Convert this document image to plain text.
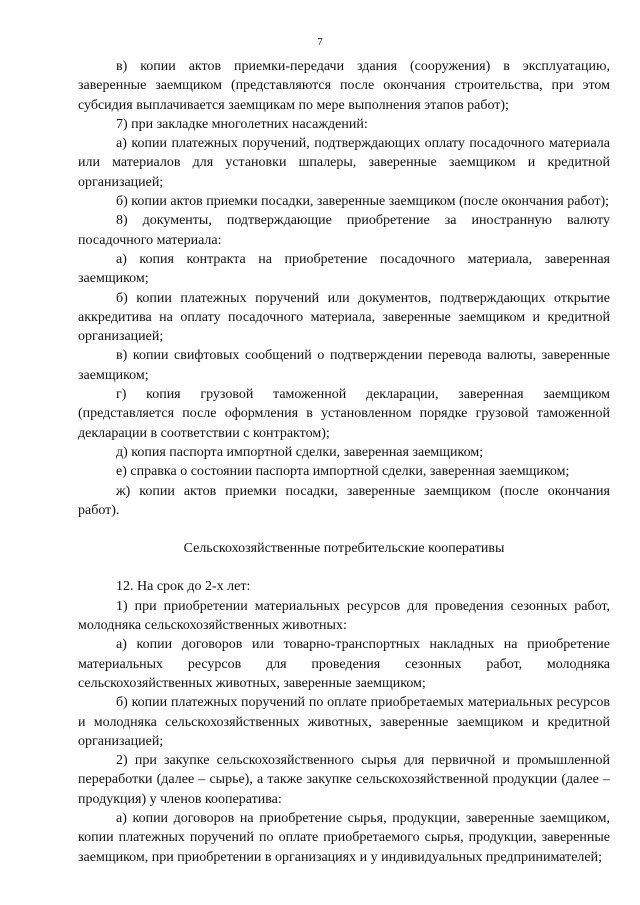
7

в) копии актов приемки-передачи здания (сооружения) в эксплуатацию, заверенные заемщиком (представляются после окончания строительства, при этом субсидия выплачивается заемщикам по мере выполнения этапов работ);

7) при закладке многолетних насаждений:

а) копии платежных поручений, подтверждающих оплату посадочного материала или материалов для установки шпалеры, заверенные заемщиком и кредитной организацией;

б) копии актов приемки посадки, заверенные заемщиком (после окончания работ);

8) документы, подтверждающие приобретение за иностранную валюту посадочного материала:

а) копия контракта на приобретение посадочного материала, заверенная заемщиком;

б) копии платежных поручений или документов, подтверждающих открытие аккредитива на оплату посадочного материала, заверенные заемщиком и кредитной организацией;

в) копии свифтовых сообщений о подтверждении перевода валюты, заверенные заемщиком;

г) копия грузовой таможенной декларации, заверенная заемщиком (представляется после оформления в установленном порядке грузовой таможенной декларации в соответствии с контрактом);

д) копия паспорта импортной сделки, заверенная заемщиком;

е) справка о состоянии паспорта импортной сделки, заверенная заемщиком;

ж) копии актов приемки посадки, заверенные заемщиком (после окончания работ).

Сельскохозяйственные потребительские кооперативы

12. На срок до 2-х лет:

1) при приобретении материальных ресурсов для проведения сезонных работ, молодняка сельскохозяйственных животных:

а) копии договоров или товарно-транспортных накладных на приобретение материальных ресурсов для проведения сезонных работ, молодняка сельскохозяйственных животных, заверенные заемщиком;

б) копии платежных поручений по оплате приобретаемых материальных ресурсов и молодняка сельскохозяйственных животных, заверенные заемщиком и кредитной организацией;

2) при закупке сельскохозяйственного сырья для первичной и промышленной переработки (далее – сырье), а также закупке сельскохозяйственной продукции (далее – продукция) у членов кооператива:

а) копии договоров на приобретение сырья, продукции, заверенные заемщиком, копии платежных поручений по оплате приобретаемого сырья, продукции, заверенные заемщиком, при приобретении в организациях и у индивидуальных предпринимателей;
